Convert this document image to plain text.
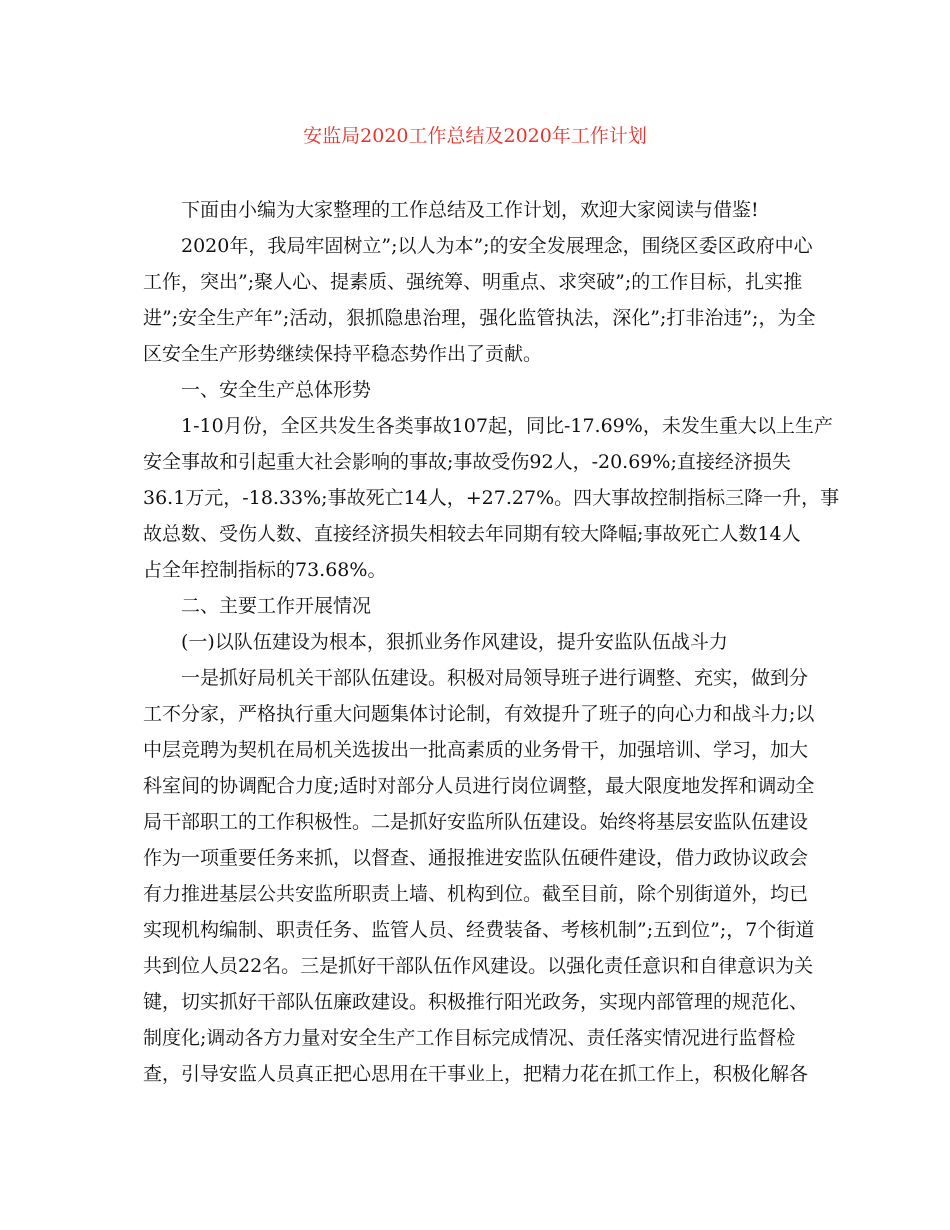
安监局2020工作总结及2020年工作计划
下面由小编为大家整理的工作总结及工作计划，欢迎大家阅读与借鉴!
2020年，我局牢固树立”;以人为本”;的安全发展理念，围绕区委区政府中心
工作，突出”;聚人心、提素质、强统筹、明重点、求突破”;的工作目标，扎实推
进”;安全生产年”;活动，狠抓隐患治理，强化监管执法，深化”;打非治违”;，为全
区安全生产形势继续保持平稳态势作出了贡献。
一、安全生产总体形势
1-10月份，全区共发生各类事故107起，同比-17.69%，未发生重大以上生产
安全事故和引起重大社会影响的事故;事故受伤92人，-20.69%;直接经济损失
36.1万元，-18.33%;事故死亡14人，+27.27%。四大事故控制指标三降一升，事
故总数、受伤人数、直接经济损失相较去年同期有较大降幅;事故死亡人数14人
占全年控制指标的73.68%。
二、主要工作开展情况
(一)以队伍建设为根本，狠抓业务作风建设，提升安监队伍战斗力
一是抓好局机关干部队伍建设。积极对局领导班子进行调整、充实，做到分
工不分家，严格执行重大问题集体讨论制，有效提升了班子的向心力和战斗力;以
中层竞聘为契机在局机关选拔出一批高素质的业务骨干，加强培训、学习，加大
科室间的协调配合力度;适时对部分人员进行岗位调整，最大限度地发挥和调动全
局干部职工的工作积极性。二是抓好安监所队伍建设。始终将基层安监队伍建设
作为一项重要任务来抓，以督查、通报推进安监队伍硬件建设，借力政协议政会
有力推进基层公共安监所职责上墙、机构到位。截至目前，除个别街道外，均已
实现机构编制、职责任务、监管人员、经费装备、考核机制”;五到位”;，7个街道
共到位人员22名。三是抓好干部队伍作风建设。以强化责任意识和自律意识为关
键，切实抓好干部队伍廉政建设。积极推行阳光政务，实现内部管理的规范化、
制度化;调动各方力量对安全生产工作目标完成情况、责任落实情况进行监督检
查，引导安监人员真正把心思用在干事业上，把精力花在抓工作上，积极化解各
